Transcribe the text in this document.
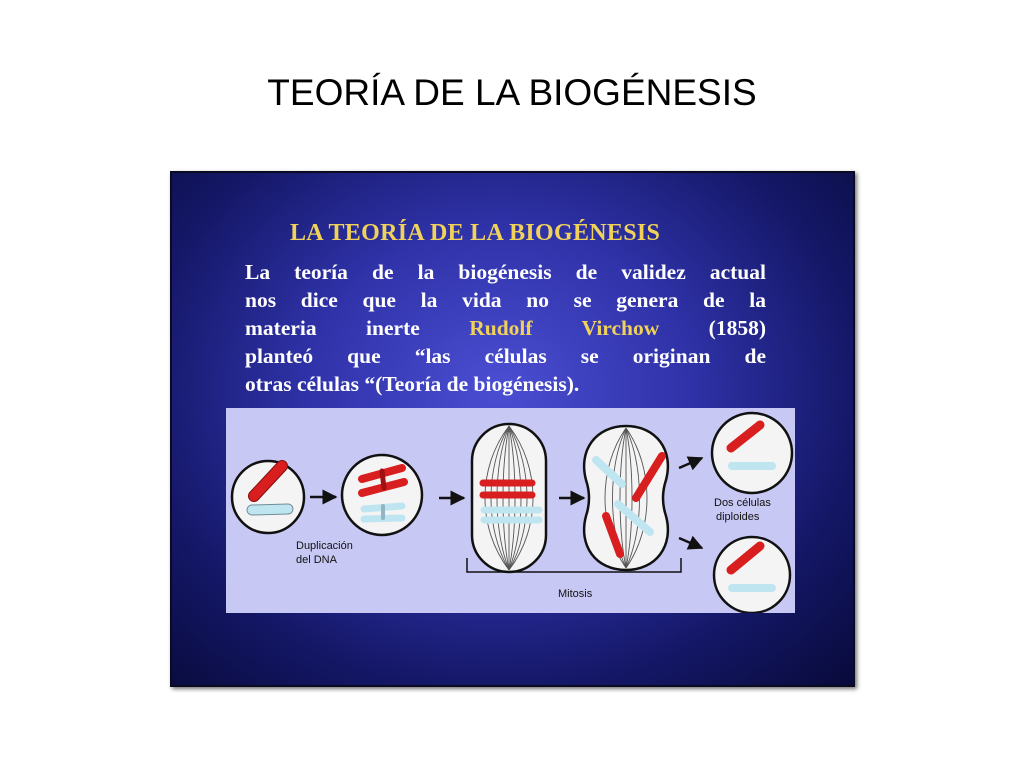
TEORÍA DE LA BIOGÉNESIS
LA TEORÍA DE LA BIOGÉNESIS
La teoría de la biogénesis de validez actual
nos dice que la vida no se genera de la
materia inerte Rudolf Virchow (1858)
planteó que “las células se originan de
otras células “(Teoría de biogénesis).
Duplicación
del DNA
Dos células
diploides
Mitosis
